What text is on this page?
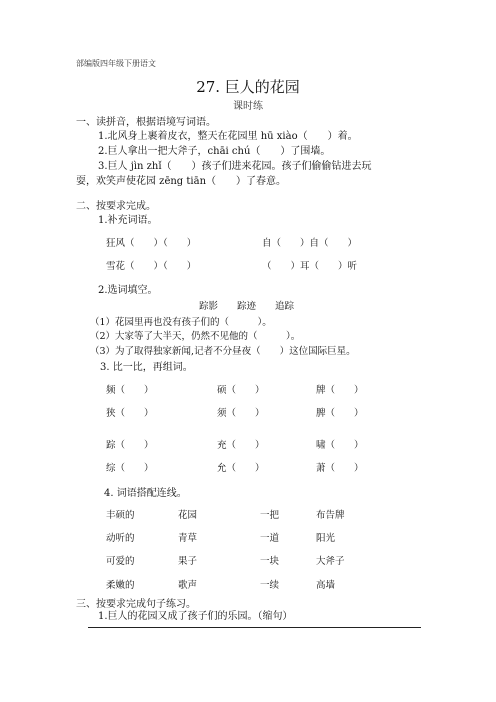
部编版四年级下册语文
27. 巨人的花园
课时练
一、读拼音，根据语境写词语。
1.北风身上裹着皮衣，整天在花园里 hū xiào（　　）着。
2.巨人拿出一把大斧子，chāi chú（　　）了围墙。
3.巨人 jìn zhǐ（　　）孩子们进来花园。孩子们偷偷钻进去玩
耍，欢笑声使花园 zēng tiān（　　）了春意。
二、按要求完成。
1.补充词语。
狂风（　　）（　　）	自（　　）自（　　）
雪花（　　）（　　）	（　　）耳（　　）听
2.选词填空。
踪影　　踪迹　　追踪
（1）花园里再也没有孩子们的（　　　）。
（2）大家等了大半天，仍然不见他的（　　　）。
（3）为了取得独家新闻,记者不分昼夜（　　）这位国际巨星。
3. 比一比，再组词。
频（　　）	硕（　　）	牌（　　）
狭（　　）	须（　　）	脾（　　）
踪（　　）	充（　　）	啸（　　）
综（　　）	允（　　）	萧（　　）
4. 词语搭配连线。
丰硕的	花园	一把	布告牌
动听的	青草	一道	阳光
可爱的	果子	一块	大斧子
柔嫩的	歌声	一续	高墙
三、按要求完成句子练习。
1.巨人的花园又成了孩子们的乐园。（缩句）
